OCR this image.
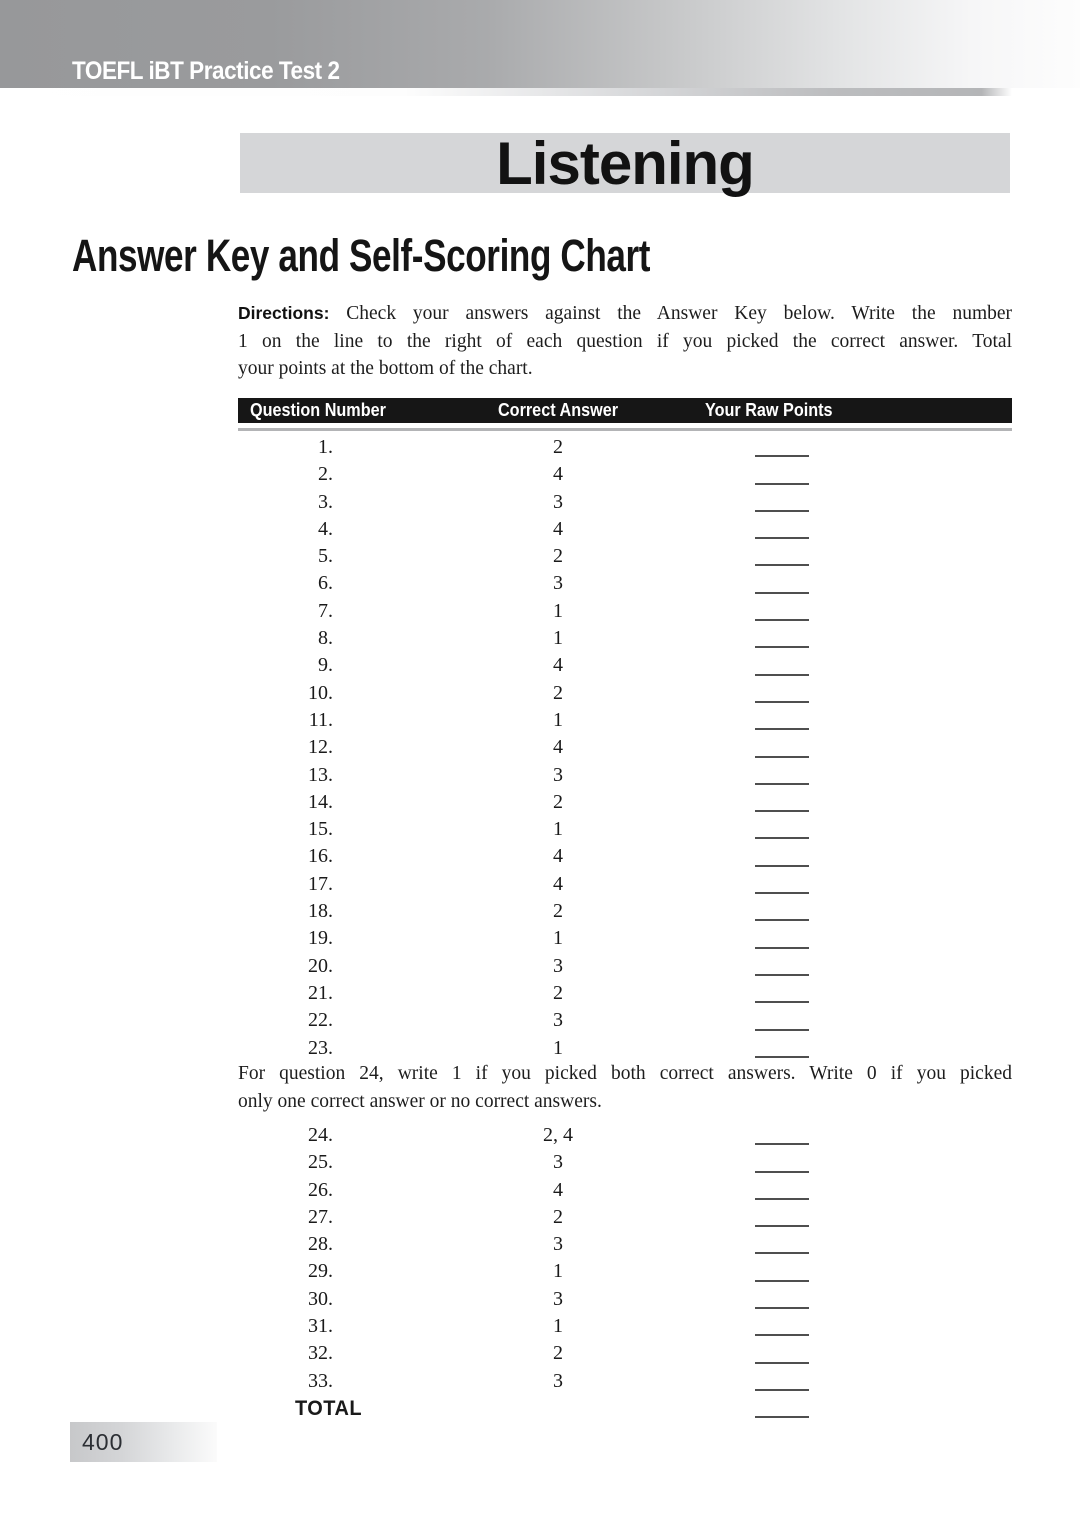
TOEFL iBT Practice Test 2
Listening
Answer Key and Self-Scoring Chart

Directions: Check your answers against the Answer Key below. Write the number

1 on the line to the right of each question if you picked the correct answer. Total

your points at the bottom of the chart.

Question Number	Correct Answer	Your Raw Points
1.	2
2.	4
3.	3
4.	4
5.	2
6.	3
7.	1
8.	1
9.	4
10.	2
11.	1
12.	4
13.	3
14.	2
15.	1
16.	4
17.	4
18.	2
19.	1
20.	3
21.	2
22.	3
23.	1

For question 24, write 1 if you picked both correct answers. Write 0 if you picked

only one correct answer or no correct answers.

24.	2, 4
25.	3
26.	4
27.	2
28.	3
29.	1
30.	3
31.	1
32.	2
33.	3
TOTAL
400
